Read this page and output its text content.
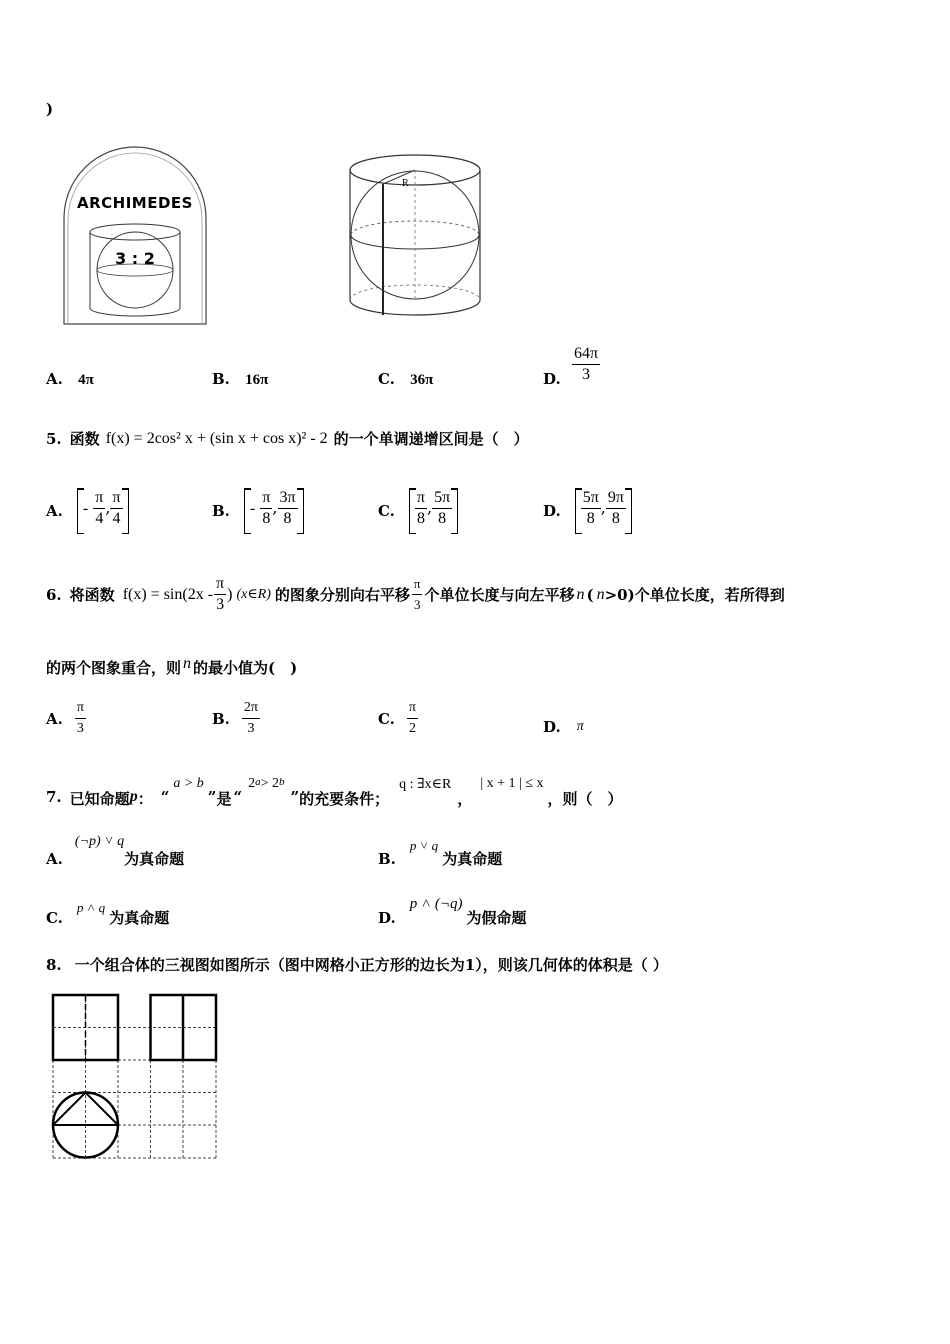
)
ARCHIMEDES
3 : 2
R
A. 4π	B. 16π	C. 36π	D. $\frac{64\pi}{3}$
5. 函数 f(x) = 2cos² x + (sin x + cos x)² - 2 的一个单调递增区间是（　）
A.	- $\frac{\pi}{4}$ , $\frac{\pi}{4}$	B.	- $\frac{\pi}{8}$ , $\frac{3\pi}{8}$	C. $\frac{\pi}{8}$ , $\frac{5\pi}{8}$	D. $\frac{5\pi}{8}$ , $\frac{9\pi}{8}$
6. 将函数 $f(x) = \sin(2x - \frac{\pi}{3}$ ) (x∈R) 的图象分别向右平移 $\frac{\pi}{3}$ 个单位长度与向左平移 n ( n >0) 个单位长度，若所得到
的两个图象重合，则 n 的最小值为(　)
A. $\frac{\pi}{3}$	B. $\frac{2\pi}{3}$	C. $\frac{\pi}{2}$	D. π
7. 已知命题 p ： “
a > b
” 是 “
2 a > 2 b
” 的充要条件；
q : ∃x∈R
，
| x + 1 | ≤ x
，则（　）
A.
(¬p) ˅ q
为真命题	B.
p ˅ q
为真命题
C.
p ˄ q
为真命题	D.
p ˄ (¬q)
为假命题
8. 一个组合体的三视图如图所示（图中网格小正方形的边长为1），则该几何体的体积是（ ）
